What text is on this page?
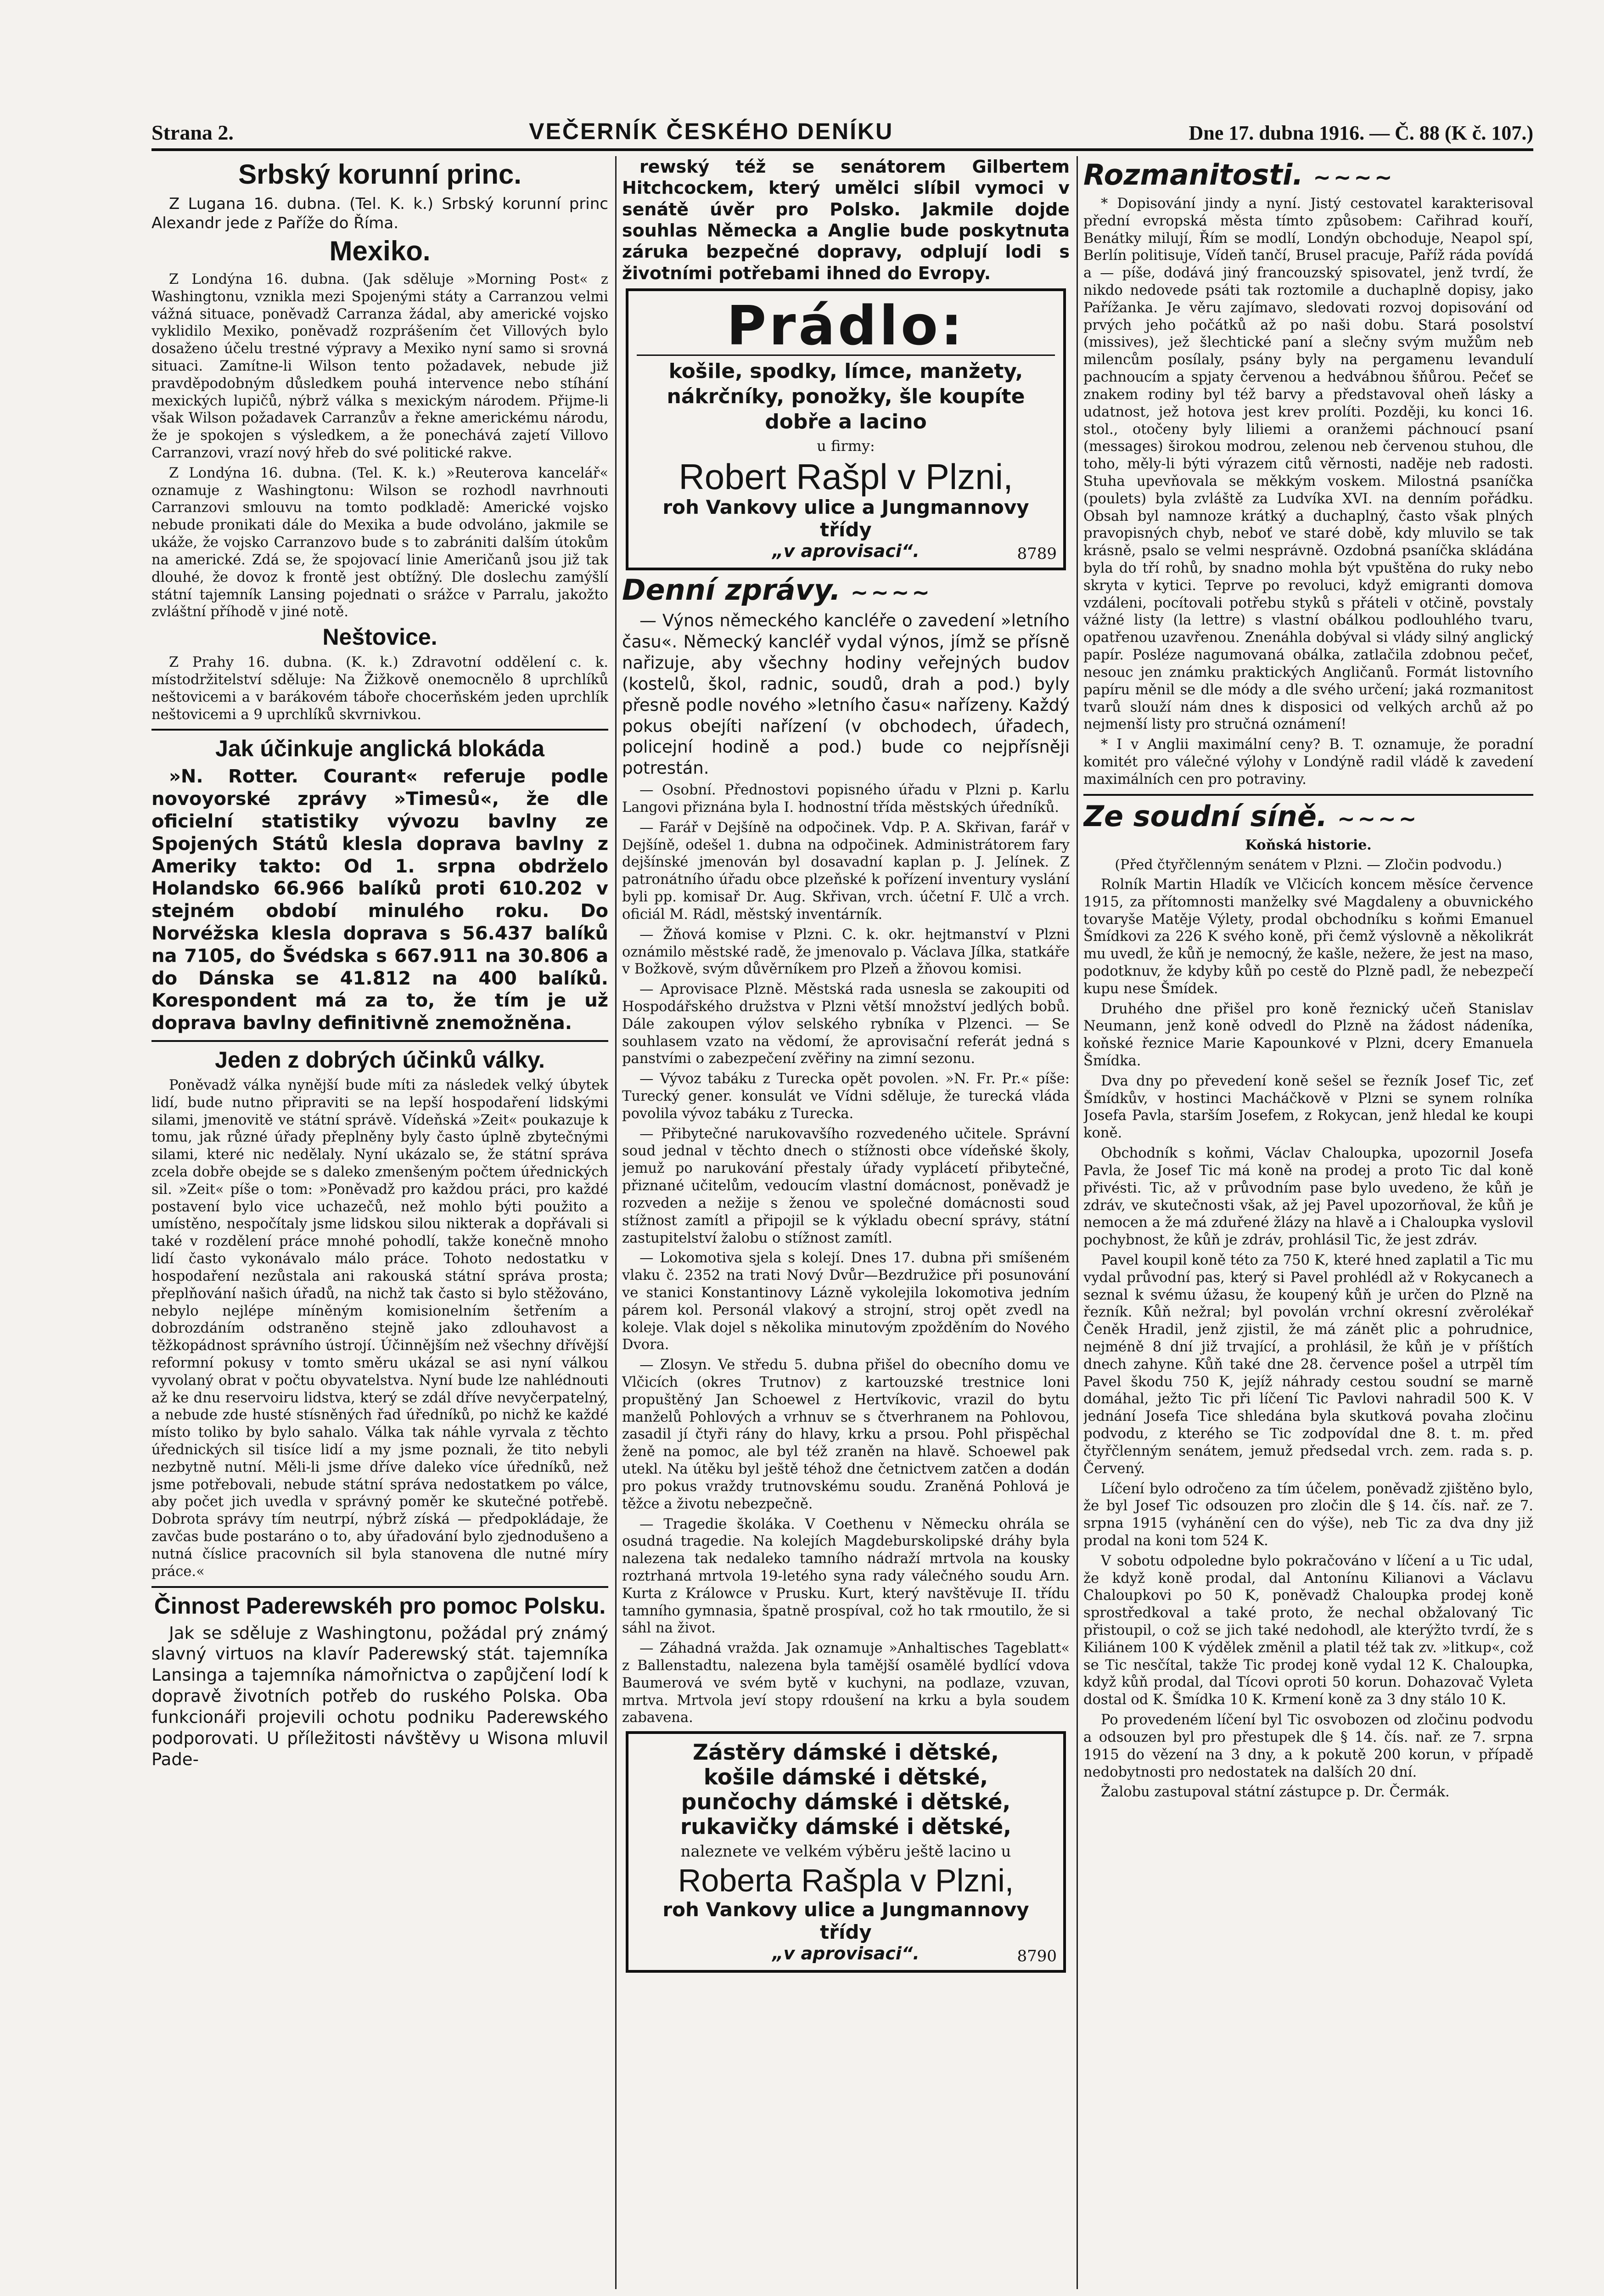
Strana 2.	VEČERNÍK ČESKÉHO DENÍKU	Dne 17. dubna 1916. — Č. 88 (K č. 107.)
Srbský korunní princ.

Z Lugana 16. dubna. (Tel. K. k.) Srbský korunní princ Alexandr jede z Paříže do Říma.

Mexiko.

Z Londýna 16. dubna. (Jak sděluje »Morning Post« z Washingtonu, vznikla mezi Spojenými státy a Carranzou velmi vážná situace, poněvadž Carranza žádal, aby americké vojsko vyklidilo Mexiko, poněvadž rozprášením čet Villových bylo dosaženo účelu trestné výpravy a Mexiko nyní samo si srovná situaci. Zamítne-li Wilson tento požadavek, nebude již pravděpodobným důsledkem pouhá intervence nebo stíhání mexických lupičů, nýbrž válka s mexickým národem. Přijme-li však Wilson požadavek Carranzův a řekne americkému národu, že je spokojen s výsledkem, a že ponechává zajetí Villovo Carranzovi, vrazí nový hřeb do své politické rakve.

Z Londýna 16. dubna. (Tel. K. k.) »Reuterova kancelář« oznamuje z Washingtonu: Wilson se rozhodl navrhnouti Carranzovi smlouvu na tomto podkladě: Americké vojsko nebude pronikati dále do Mexika a bude odvoláno, jakmile se ukáže, že vojsko Carranzovo bude s to zabrániti dalším útokům na americké. Zdá se, že spojovací linie Američanů jsou již tak dlouhé, že dovoz k frontě jest obtížný. Dle doslechu zamýšlí státní tajemník Lansing pojednati o srážce v Parralu, jakožto zvláštní příhodě v jiné notě.

Neštovice.

Z Prahy 16. dubna. (K. k.) Zdravotní oddělení c. k. místodržitelství sděluje: Na Žižkově onemocnělo 8 uprchlíků neštovicemi a v barákovém táboře chocerňském jeden uprchlík neštovicemi a 9 uprchlíků skvrnivkou.

Jak účinkuje anglická blokáda

»N. Rotter. Courant« referuje podle novoyorské zprávy »Timesů«, že dle oficielní statistiky vývozu bavlny ze Spojených Států klesla doprava bavlny z Ameriky takto: Od 1. srpna obdrželo Holandsko 66.966 balíků proti 610.202 v stejném období minulého roku. Do Norvéžska klesla doprava s 56.437 balíků na 7105, do Švédska s 667.911 na 30.806 a do Dánska se 41.812 na 400 balíků. Korespondent má za to, že tím je už doprava bavlny definitivně znemožněna.

Jeden z dobrých účinků války.

Poněvadž válka nynější bude míti za následek velký úbytek lidí, bude nutno připraviti se na lepší hospodaření lidskými silami, jmenovitě ve státní správě. Vídeňská »Zeit« poukazuje k tomu, jak různé úřady přeplněny byly často úplně zbytečnými silami, které nic nedělaly. Nyní ukázalo se, že státní správa zcela dobře obejde se s daleko zmenšeným počtem úřednických sil. »Zeit« píše o tom: »Poněvadž pro každou práci, pro každé postavení bylo vice uchazečů, než mohlo býti použito a umístěno, nespočítaly jsme lidskou silou nikterak a dopřávali si také v rozdělení práce mnohé pohodlí, takže konečně mnoho lidí často vykonávalo málo práce. Tohoto nedostatku v hospodaření nezůstala ani rakouská státní správa prosta; přeplňování našich úřadů, na nichž tak často si bylo stěžováno, nebylo nejlépe míněným komisionelním šetřením a dobrozdáním odstraněno stejně jako zdlouhavost a těžkopádnost správního ústrojí. Účinnějším než všechny dřívější reformní pokusy v tomto směru ukázal se asi nyní válkou vyvolaný obrat v počtu obyvatelstva. Nyní bude lze nahlédnouti až ke dnu reservoiru lidstva, který se zdál dříve nevyčerpatelný, a nebude zde husté stísněných řad úředníků, po nichž ke každé místo toliko by bylo sahalo. Válka tak náhle vyrvala z těchto úřednických sil tisíce lidí a my jsme poznali, že tito nebyli nezbytně nutní. Měli-li jsme dříve daleko více úředníků, než jsme potřebovali, nebude státní správa nedostatkem po válce, aby počet jich uvedla v správný poměr ke skutečné potřebě. Dobrota správy tím neutrpí, nýbrž získá — předpokládaje, že zavčas bude postaráno o to, aby úřadování bylo zjednodušeno a nutná číslice pracovních sil byla stanovena dle nutné míry práce.«

Činnost Paderewskéh pro pomoc Polsku.

Jak se sděluje z Washingtonu, požádal prý známý slavný virtuos na klavír Paderewský stát. tajemníka Lansinga a tajemníka námořnictva o zapůjčení lodí k dopravě životních potřeb do ruského Polska. Oba funkcionáři projevili ochotu podniku Paderewského podporovati. U příležitosti návštěvy u Wisona mluvil Pade-

rewský též se senátorem Gilbertem Hitchcockem, který umělci slíbil vymoci v senátě úvěr pro Polsko. Jakmile dojde souhlas Německa a Anglie bude poskytnuta záruka bezpečné dopravy, odplují lodi s životními potřebami ihned do Evropy.

Prádlo:
košile, spodky, límce, manžety, nákrčníky, ponožky, šle koupíte dobře a lacino
u firmy:
Robert Rašpl v Plzni,
roh Vankovy ulice a Jungmannovy třídy
„v aprovisaci“.	8789
Denní zprávy. ~~~~

— Výnos německého kancléře o zavedení »letního času«. Německý kancléř vydal výnos, jímž se přísně nařizuje, aby všechny hodiny veřejných budov (kostelů, škol, radnic, soudů, drah a pod.) byly přesně podle nového »letního času« nařízeny. Každý pokus obejíti nařízení (v obchodech, úřadech, policejní hodině a pod.) bude co nejpřísněji potrestán.

— Osobní. Přednostovi popisného úřadu v Plzni p. Karlu Langovi přiznána byla I. hodnostní třída městských úředníků.

— Farář v Dejšíně na odpočinek. Vdp. P. A. Skřivan, farář v Dejšíně, odešel 1. dubna na odpočinek. Administrátorem fary dejšínské jmenován byl dosavadní kaplan p. J. Jelínek. Z patronátního úřadu obce plzeňské k pořízení inventury vyslání byli pp. komisař Dr. Aug. Skřivan, vrch. účetní F. Ulč a vrch. oficiál M. Rádl, městský inventárník.

— Žňová komise v Plzni. C. k. okr. hejtmanství v Plzni oznámilo městské radě, že jmenovalo p. Václava Jílka, statkáře v Božkově, svým důvěrníkem pro Plzeň a žňovou komisi.

— Aprovisace Plzně. Městská rada usnesla se zakoupiti od Hospodářského družstva v Plzni větší množství jedlých bobů. Dále zakoupen výlov selského rybníka v Plzenci. — Se souhlasem vzato na vědomí, že aprovisační referát jedná s panstvími o zabezpečení zvěřiny na zimní sezonu.

— Vývoz tabáku z Turecka opět povolen. »N. Fr. Pr.« píše: Turecký gener. konsulát ve Vídni sděluje, že turecká vláda povolila vývoz tabáku z Turecka.

— Přibytečné narukovavšího rozvedeného učitele. Správní soud jednal v těchto dnech o stížnosti obce vídeňské školy, jemuž po narukování přestaly úřady vyplácetí přibytečné, přiznané učitelům, vedoucím vlastní domácnost, poněvadž je rozveden a nežije s ženou ve společné domácnosti soud stížnost zamítl a připojil se k výkladu obecní správy, státní zastupitelství žalobu o stížnost zamítl.

— Lokomotiva sjela s kolejí. Dnes 17. dubna při smíšeném vlaku č. 2352 na trati Nový Dvůr—Bezdružice při posunování ve stanici Konstantinovy Lázně vykolejila lokomotiva jedním párem kol. Personál vlakový a strojní, stroj opět zvedl na koleje. Vlak dojel s několika minutovým zpožděním do Nového Dvora.

— Zlosyn. Ve středu 5. dubna přišel do obecního domu ve Vlčicích (okres Trutnov) z kartouzské trestnice loni propuštěný Jan Schoewel z Hertvíkovic, vrazil do bytu manželů Pohlových a vrhnuv se s čtverhranem na Pohlovou, zasadil jí čtyři rány do hlavy, krku a prsou. Pohl přispěchal ženě na pomoc, ale byl též zraněn na hlavě. Schoewel pak utekl. Na útěku byl ještě téhož dne četnictvem zatčen a dodán pro pokus vraždy trutnovskému soudu. Zraněná Pohlová je těžce a životu nebezpečně.

— Tragedie školáka. V Coethenu v Německu ohrála se osudná tragedie. Na kolejích Magdeburskolipské dráhy byla nalezena tak nedaleko tamního nádraží mrtvola na kousky roztrhaná mrtvola 19-letého syna rady válečného soudu Arn. Kurta z Králowce v Prusku. Kurt, který navštěvuje II. třídu tamního gymnasia, špatně prospíval, což ho tak rmoutilo, že si sáhl na život.

— Záhadná vražda. Jak oznamuje »Anhaltisches Tageblatt« z Ballenstadtu, nalezena byla tamější osamělé bydlící vdova Baumerová ve svém bytě v kuchyni, na podlaze, vzuvan, mrtva. Mrtvola jeví stopy rdoušení na krku a byla soudem zabavena.

Zástěry dámské i dětské,
košile dámské i dětské,
punčochy dámské i dětské,
rukavičky dámské i dětské,
naleznete ve velkém výběru ještě lacino u
Roberta Rašpla v Plzni,
roh Vankovy ulice a Jungmannovy třídy
„v aprovisaci“.	8790
Rozmanitosti. ~~~~

* Dopisování jindy a nyní. Jistý cestovatel karakterisoval přední evropská města tímto způsobem: Cařihrad kouří, Benátky milují, Řím se modlí, Londýn obchoduje, Neapol spí, Berlín politisuje, Vídeň tančí, Brusel pracuje, Paříž ráda povídá a — píše, dodává jiný francouzský spisovatel, jenž tvrdí, že nikdo nedovede psáti tak roztomile a duchaplně dopisy, jako Pařížanka. Je věru zajímavo, sledovati rozvoj dopisování od prvých jeho počátků až po naši dobu. Stará posolství (missives), jež šlechtické paní a slečny svým mužům neb milencům posílaly, psány byly na pergamenu levandulí pachnoucím a spjaty červenou a hedvábnou šňůrou. Pečeť se znakem rodiny byl též barvy a představoval oheň lásky a udatnost, jež hotova jest krev prolíti. Později, ku konci 16. stol., otočeny byly liliemi a oranžemi páchnoucí psaní (messages) širokou modrou, zelenou neb červenou stuhou, dle toho, měly-li býti výrazem citů věrnosti, naděje neb radosti. Stuha upevňovala se měkkým voskem. Milostná psaníčka (poulets) byla zvláště za Ludvíka XVI. na denním pořádku. Obsah byl namnoze krátký a duchaplný, často však plných pravopisných chyb, neboť ve staré době, kdy mluvilo se tak krásně, psalo se velmi nesprávně. Ozdobná psaníčka skládána byla do tří rohů, by snadno mohla být vpuštěna do ruky nebo skryta v kytici. Teprve po revoluci, když emigranti domova vzdáleni, pocítovali potřebu styků s přáteli v otčině, povstaly vážné listy (la lettre) s vlastní obálkou podlouhlého tvaru, opatřenou uzavřenou. Znenáhla dobýval si vlády silný anglický papír. Posléze nagumovaná obálka, zatlačila zdobnou pečeť, nesouc jen známku praktických Angličanů. Formát listovního papíru měnil se dle módy a dle svého určení; jaká rozmanitost tvarů slouží nám dnes k disposici od velkých archů až po nejmenší listy pro stručná oznámení!

* I v Anglii maximální ceny? B. T. oznamuje, že poradní komitét pro válečné výlohy v Londýně radil vládě k zavedení maximálních cen pro potraviny.

Ze soudní síně. ~~~~

Koňská historie.

(Před čtyřčlenným senátem v Plzni. — Zločin podvodu.)

Rolník Martin Hladík ve Vlčicích koncem měsíce července 1915, za přítomnosti manželky své Magdaleny a obuvnického tovaryše Matěje Výlety, prodal obchodníku s koňmi Emanuel Šmídkovi za 226 K svého koně, při čemž výslovně a několikrát mu uvedl, že kůň je nemocný, že kašle, nežere, že jest na maso, podotknuv, že kdyby kůň po cestě do Plzně padl, že nebezpečí kupu nese Šmídek.

Druhého dne přišel pro koně řeznický učeň Stanislav Neumann, jenž koně odvedl do Plzně na žádost nádeníka, koňské řeznice Marie Kapounkové v Plzni, dcery Emanuela Šmídka.

Dva dny po převedení koně sešel se řezník Josef Tic, zeť Šmídkův, v hostinci Macháčkově v Plzni se synem rolníka Josefa Pavla, starším Josefem, z Rokycan, jenž hledal ke koupi koně.

Obchodník s koňmi, Václav Chaloupka, upozornil Josefa Pavla, že Josef Tic má koně na prodej a proto Tic dal koně přivésti. Tic, až v průvodním pase bylo uvedeno, že kůň je zdráv, ve skutečnosti však, až jej Pavel upozorňoval, že kůň je nemocen a že má zduřené žlázy na hlavě a i Chaloupka vyslovil pochybnost, že kůň je zdráv, prohlásil Tic, že jest zdráv.

Pavel koupil koně této za 750 K, které hned zaplatil a Tic mu vydal průvodní pas, který si Pavel prohlédl až v Rokycanech a seznal k svému úžasu, že koupený kůň je určen do Plzně na řezník. Kůň nežral; byl povolán vrchní okresní zvěrolékař Čeněk Hradil, jenž zjistil, že má zánět plic a pohrudnice, nejméně 8 dní již trvající, a prohlásil, že kůň je v příštích dnech zahyne. Kůň také dne 28. července pošel a utrpěl tím Pavel škodu 750 K, jejíž náhrady cestou soudní se marně domáhal, ježto Tic při líčení Tic Pavlovi nahradil 500 K. V jednání Josefa Tice shledána byla skutková povaha zločinu podvodu, z kterého se Tic zodpovídal dne 8. t. m. před čtyřčlenným senátem, jemuž předsedal vrch. zem. rada s. p. Červený.

Líčení bylo odročeno za tím účelem, poněvadž zjištěno bylo, že byl Josef Tic odsouzen pro zločin dle § 14. čís. nař. ze 7. srpna 1915 (vyhánění cen do výše), neb Tic za dva dny již prodal na koni tom 524 K.

V sobotu odpoledne bylo pokračováno v líčení a u Tic udal, že když koně prodal, dal Antonínu Kilianovi a Václavu Chaloupkovi po 50 K, poněvadž Chaloupka prodej koně sprostředkoval a také proto, že nechal obžalovaný Tic přistoupil, o což se jich také nedohodl, ale kterýžto tvrdí, že s Kiliánem 100 K výdělek změnil a platil též tak zv. »litkup«, což se Tic nesčítal, takže Tic prodej koně vydal 12 K. Chaloupka, když kůň prodal, dal Tícovi oproti 50 korun. Dohazovač Vyleta dostal od K. Šmídka 10 K. Krmení koně za 3 dny stálo 10 K.

Po provedeném líčení byl Tic osvobozen od zločinu podvodu a odsouzen byl pro přestupek dle § 14. čís. nař. ze 7. srpna 1915 do vězení na 3 dny, a k pokutě 200 korun, v případě nedobytnosti pro nedostatek na dalších 20 dní.

Žalobu zastupoval státní zástupce p. Dr. Čermák.
